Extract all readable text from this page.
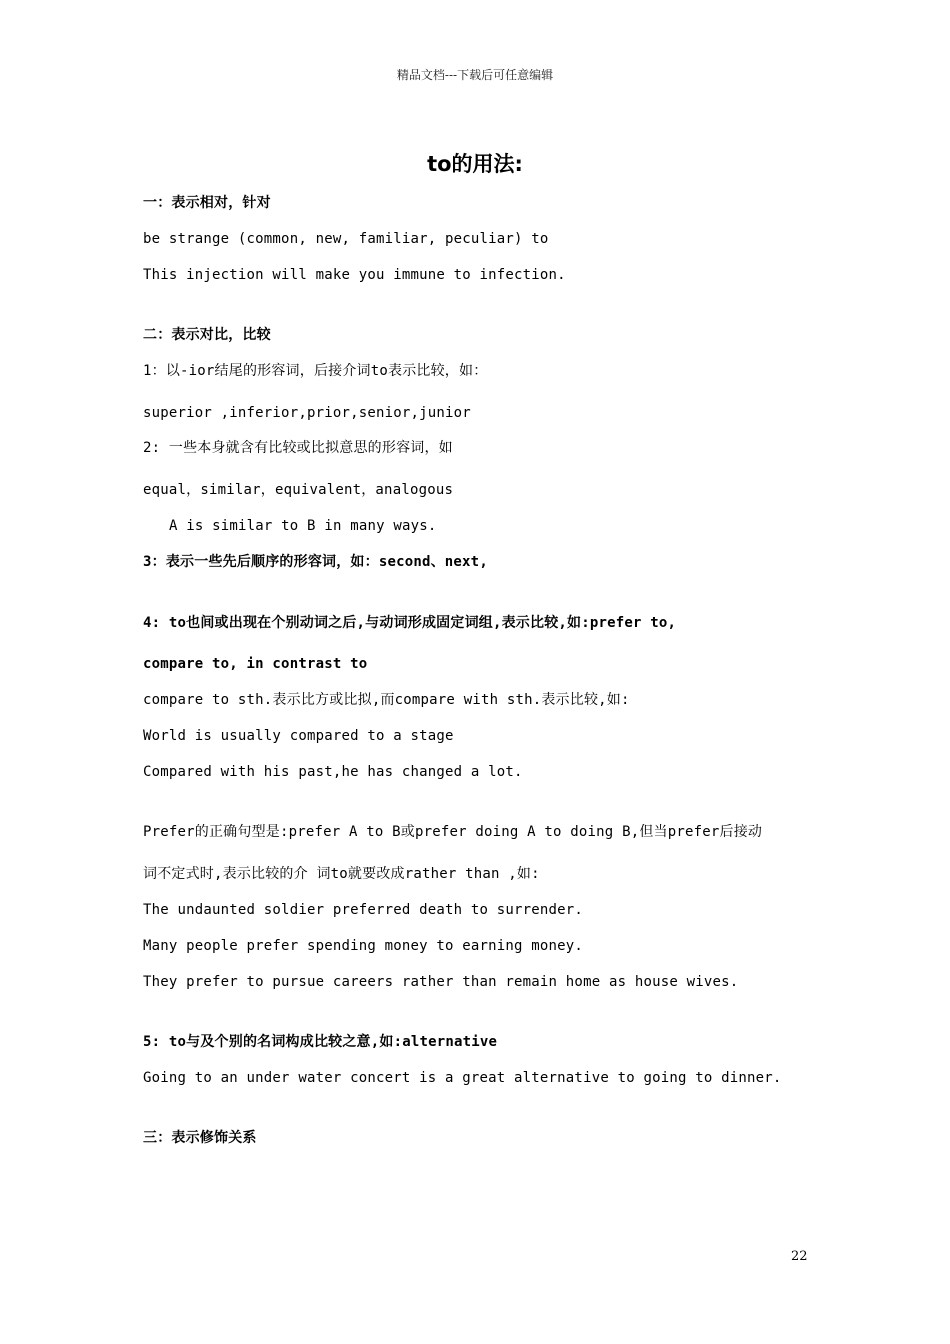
精品文档---下载后可任意编辑
to的用法:
一：表示相对，针对
be strange (common, new, familiar, peculiar) to
This injection will make you immune to infection.
二：表示对比，比较
1：以-ior结尾的形容词，后接介词to表示比较，如：
superior ,inferior,prior,senior,junior
2: 一些本身就含有比较或比拟意思的形容词，如
equal，similar，equivalent，analogous
A is similar to B in many ways.
3：表示一些先后顺序的形容词，如：second、next,
4: to也间或出现在个别动词之后,与动词形成固定词组,表示比较,如:prefer to,
compare to, in contrast to
compare to sth.表示比方或比拟,而compare with sth.表示比较,如:
World is usually compared to a stage
Compared with his past,he has changed a lot.
Prefer的正确句型是:prefer A to B或prefer doing A to doing B,但当prefer后接动
词不定式时,表示比较的介 词to就要改成rather than ,如:
The undaunted soldier preferred death to surrender.
Many people prefer spending money to earning money.
They prefer to pursue careers rather than remain home as house wives.
5: to与及个别的名词构成比较之意,如:alternative
Going to an under water concert is a great alternative to going to dinner.
三：表示修饰关系
22
